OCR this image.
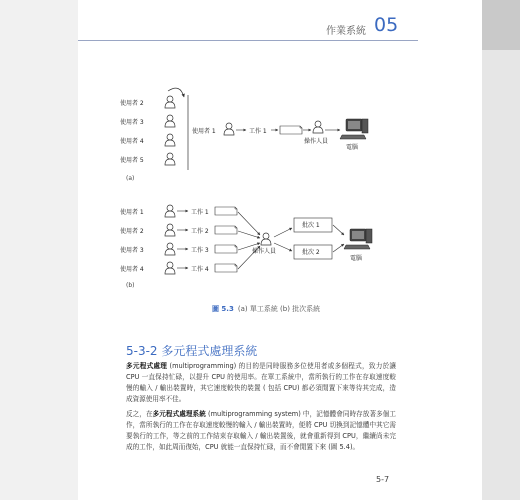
作業系統 05
使用者 2
使用者 3
使用者 4
使用者 5
使用者 1	工作 1
操作人員
電腦
使用者 1	工作 1
使用者 2	工作 2
使用者 3	工作 3
使用者 4	工作 4
操作人員
批次 1
批次 2
電腦
(a)
(b)
圖 5.3 (a) 單工系統 (b) 批次系統
5-3-2 多元程式處理系統

多元程式處理 (multiprogramming) 的目的是同時服務多位使用者或多個程式，致力於讓 CPU 一直保持忙碌，以提升 CPU 的使用率。在單工系統中，當所執行的工作在存取速度較慢的輸入 / 輸出裝置時，其它速度較快的裝置 ( 包括 CPU) 都必須閒置下來等待其完成，造成資源使用率不佳。

反之，在多元程式處理系統 (multiprogramming system) 中，記憶體會同時存放著多個工作，當所執行的工作在存取速度較慢的輸入 / 輸出裝置時，便將 CPU 切換到記憶體中其它需要執行的工作，等之前的工作結束存取輸入 / 輸出裝置後，就會重新得到 CPU，繼續尚未完成的工作，如此周而復始，CPU 就能一直保持忙碌，而不會閒置下來 (圖 5.4)。

5-7
